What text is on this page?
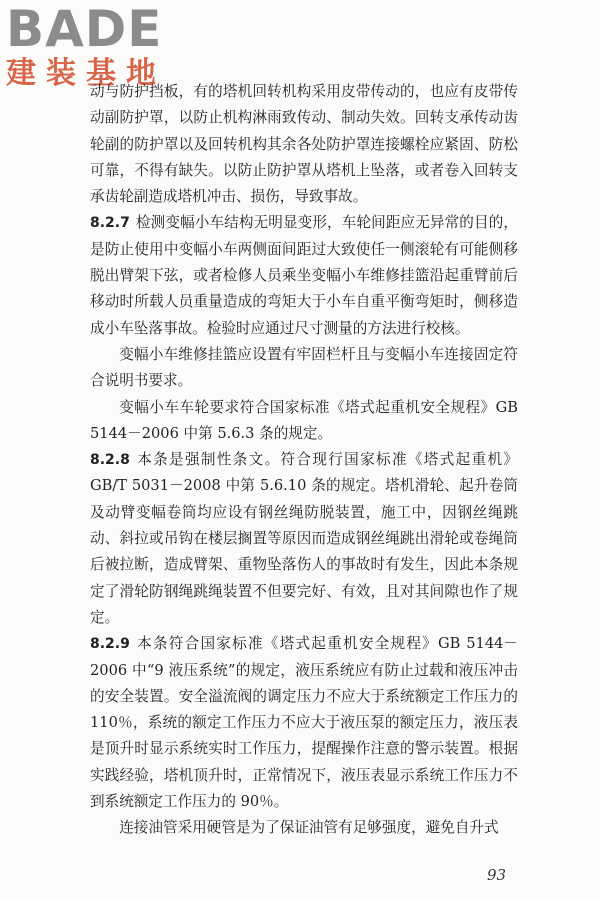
BADE
建装基地

动与防护挡板，有的塔机回转机构采用皮带传动的，也应有皮带传动副防护罩，以防止机构淋雨致传动、制动失效。回转支承传动齿轮副的防护罩以及回转机构其余各处防护罩连接螺栓应紧固、防松可靠，不得有缺失。以防止防护罩从塔机上坠落，或者卷入回转支承齿轮副造成塔机冲击、损伤，导致事故。

8.2.7 检测变幅小车结构无明显变形，车轮间距应无异常的目的，是防止使用中变幅小车两侧面间距过大致使任一侧滚轮有可能侧移脱出臂架下弦，或者检修人员乘坐变幅小车维修挂篮沿起重臂前后移动时所载人员重量造成的弯矩大于小车自重平衡弯矩时，侧移造成小车坠落事故。检验时应通过尺寸测量的方法进行校核。

变幅小车维修挂篮应设置有牢固栏杆且与变幅小车连接固定符合说明书要求。

变幅小车车轮要求符合国家标准《塔式起重机安全规程》GB 5144－2006 中第 5.6.3 条的规定。

8.2.8 本条是强制性条文。符合现行国家标准《塔式起重机》GB/T 5031－2008 中第 5.6.10 条的规定。塔机滑轮、起升卷筒及动臂变幅卷筒均应设有钢丝绳防脱装置，施工中，因钢丝绳跳动、斜拉或吊钩在楼层搁置等原因而造成钢丝绳跳出滑轮或卷绳筒后被拉断，造成臂架、重物坠落伤人的事故时有发生，因此本条规定了滑轮防钢绳跳绳装置不但要完好、有效，且对其间隙也作了规定。

8.2.9 本条符合国家标准《塔式起重机安全规程》GB 5144－2006 中“9 液压系统”的规定，液压系统应有防止过载和液压冲击的安全装置。安全溢流阀的调定压力不应大于系统额定工作压力的 110％，系统的额定工作压力不应大于液压泵的额定压力，液压表是顶升时显示系统实时工作压力，提醒操作注意的警示装置。根据实践经验，塔机顶升时，正常情况下，液压表显示系统工作压力不到系统额定工作压力的 90％。

连接油管采用硬管是为了保证油管有足够强度，避免自升式

93
